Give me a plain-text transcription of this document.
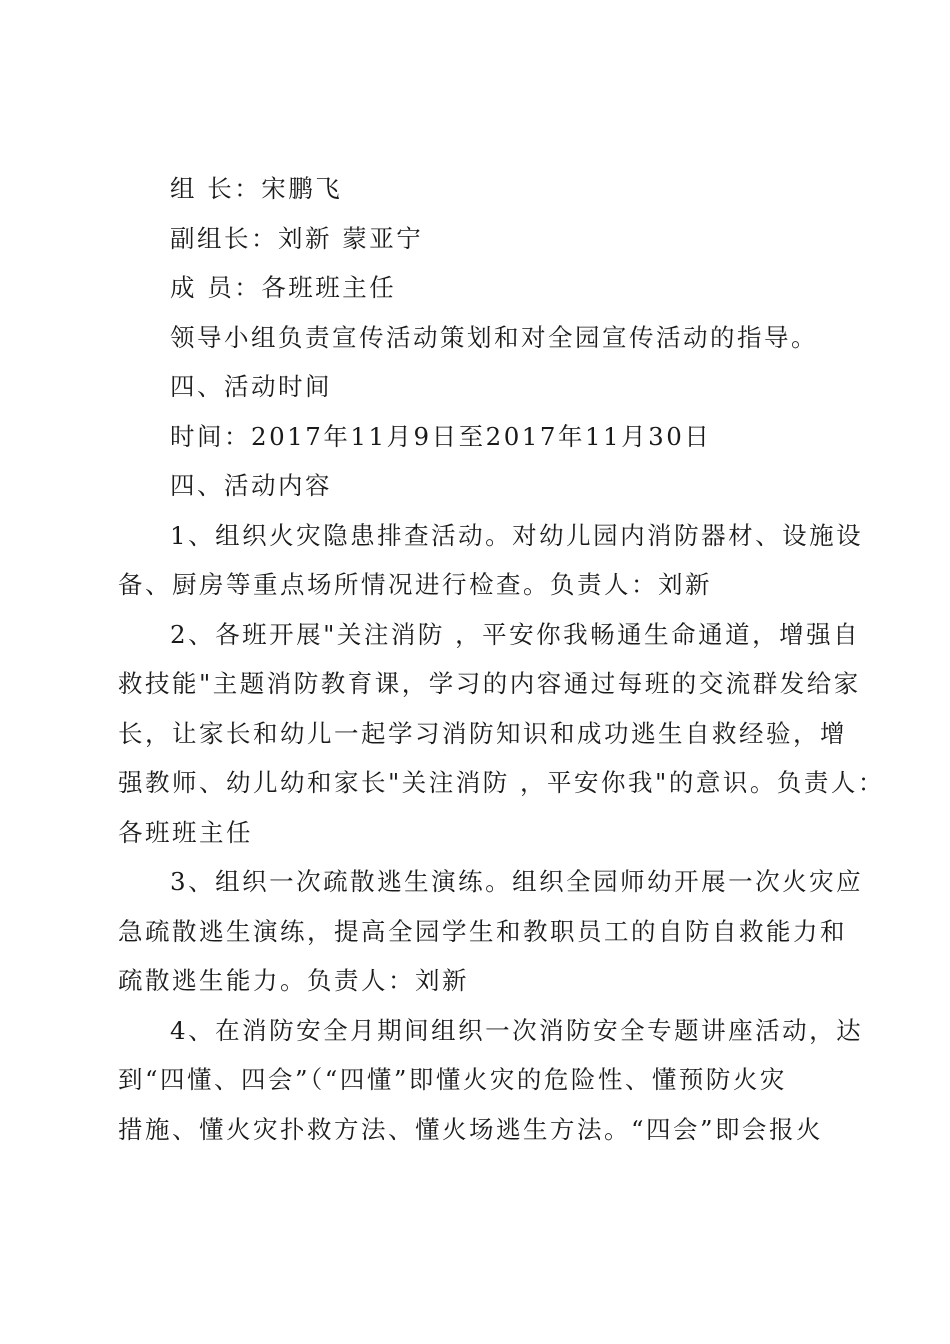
组 长：宋鹏飞
副组长：刘新 蒙亚宁
成 员：各班班主任
领导小组负责宣传活动策划和对全园宣传活动的指导。
四、活动时间
时间：2017年11月9日至2017年11月30日
四、活动内容
1、组织火灾隐患排查活动。对幼儿园内消防器材、设施设
备、厨房等重点场所情况进行检查。负责人：刘新
2、各班开展"关注消防 ，平安你我畅通生命通道，增强自
救技能"主题消防教育课，学习的内容通过每班的交流群发给家
长，让家长和幼儿一起学习消防知识和成功逃生自救经验，增
强教师、幼儿幼和家长"关注消防 ，平安你我"的意识。负责人：
各班班主任
3、组织一次疏散逃生演练。组织全园师幼开展一次火灾应
急疏散逃生演练，提高全园学生和教职员工的自防自救能力和
疏散逃生能力。负责人：刘新
4、在消防安全月期间组织一次消防安全专题讲座活动，达
到“四懂、四会”（“四懂”即懂火灾的危险性、懂预防火灾
措施、懂火灾扑救方法、懂火场逃生方法。“四会”即会报火
